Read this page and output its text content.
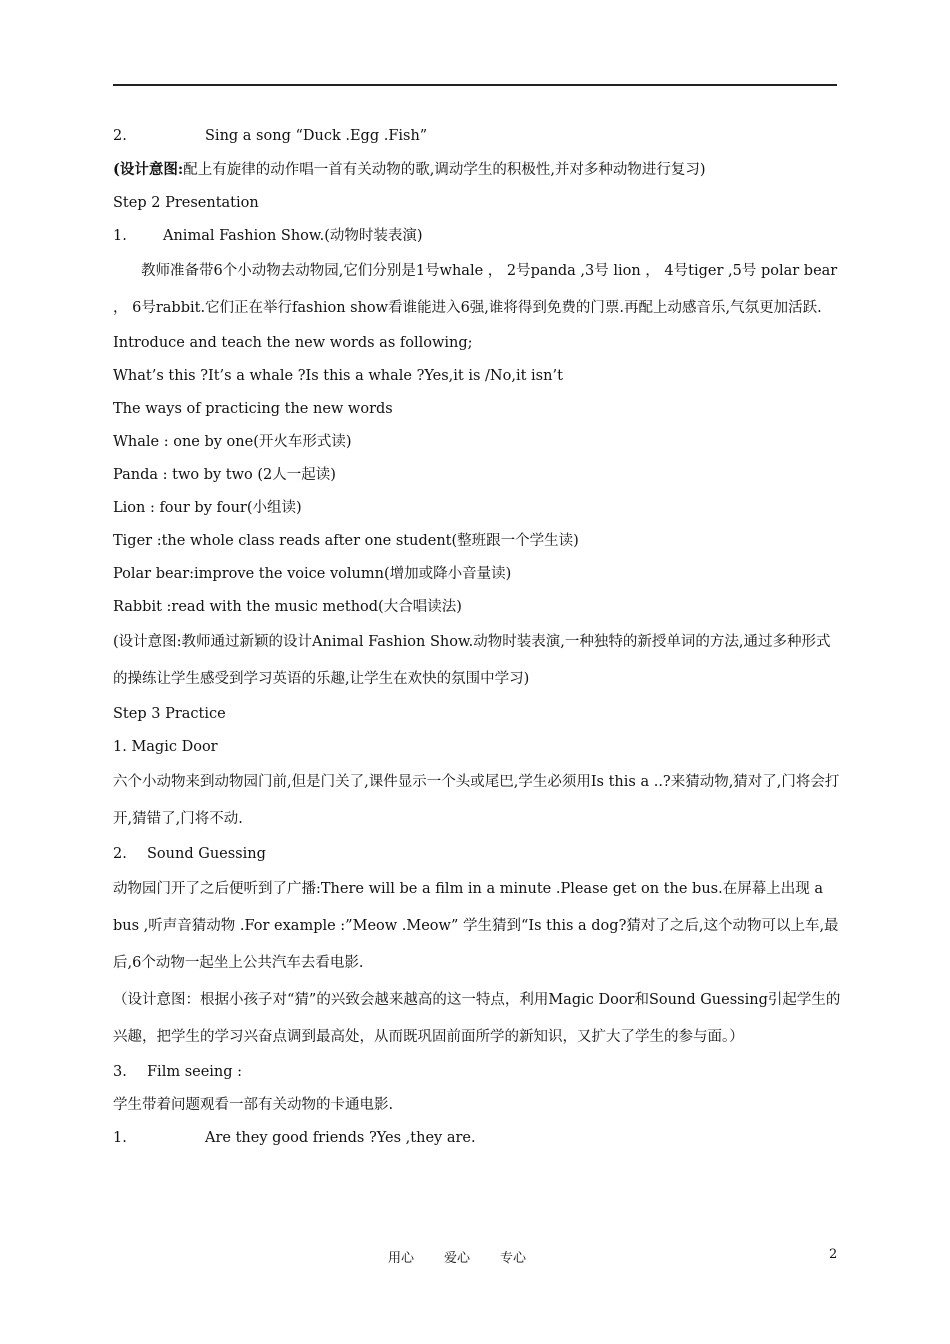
2.	Sing a song “Duck .Egg .Fish”

(设计意图:配上有旋律的动作唱一首有关动物的歌,调动学生的积极性,并对多种动物进行复习)

Step 2 Presentation

1. Animal Fashion Show.(动物时装表演)

教师准备带6个小动物去动物园,它们分别是1号whale ， 2号panda ,3号 lion ， 4号tiger ,5号 polar bear ， 6号rabbit.它们正在举行fashion show看谁能进入6强,谁将得到免费的门票.再配上动感音乐,气氛更加活跃.

Introduce and teach the new words as following;

What’s this ?It’s a whale ?Is this a whale ?Yes,it is /No,it isn’t

The ways of practicing the new words

Whale : one by one(开火车形式读)

Panda : two by two (2人一起读)

Lion : four by four(小组读)

Tiger :the whole class reads after one student(整班跟一个学生读)

Polar bear:improve the voice volumn(增加或降小音量读)

Rabbit :read with the music method(大合唱读法)

(设计意图:教师通过新颖的设计Animal Fashion Show.动物时装表演,一种独特的新授单词的方法,通过多种形式的操练让学生感受到学习英语的乐趣,让学生在欢快的氛围中学习)

Step 3 Practice

1. Magic Door

六个小动物来到动物园门前,但是门关了,课件显示一个头或尾巴,学生必须用Is this a ..?来猜动物,猜对了,门将会打开,猜错了,门将不动.

2. Sound Guessing

动物园门开了之后便听到了广播:There will be a film in a minute .Please get on the bus.在屏幕上出现 a bus ,听声音猜动物 .For example :”Meow .Meow” 学生猜到“Is this a dog?猜对了之后,这个动物可以上车,最后,6个动物一起坐上公共汽车去看电影.

（设计意图：根据小孩子对“猜”的兴致会越来越高的这一特点，利用Magic Door和Sound Guessing引起学生的兴趣，把学生的学习兴奋点调到最高处，从而既巩固前面所学的新知识，又扩大了学生的参与面。）

3. Film seeing :

学生带着问题观看一部有关动物的卡通电影.

1.	Are they good friends ?Yes ,they are.

用心 爱心 专心	2
